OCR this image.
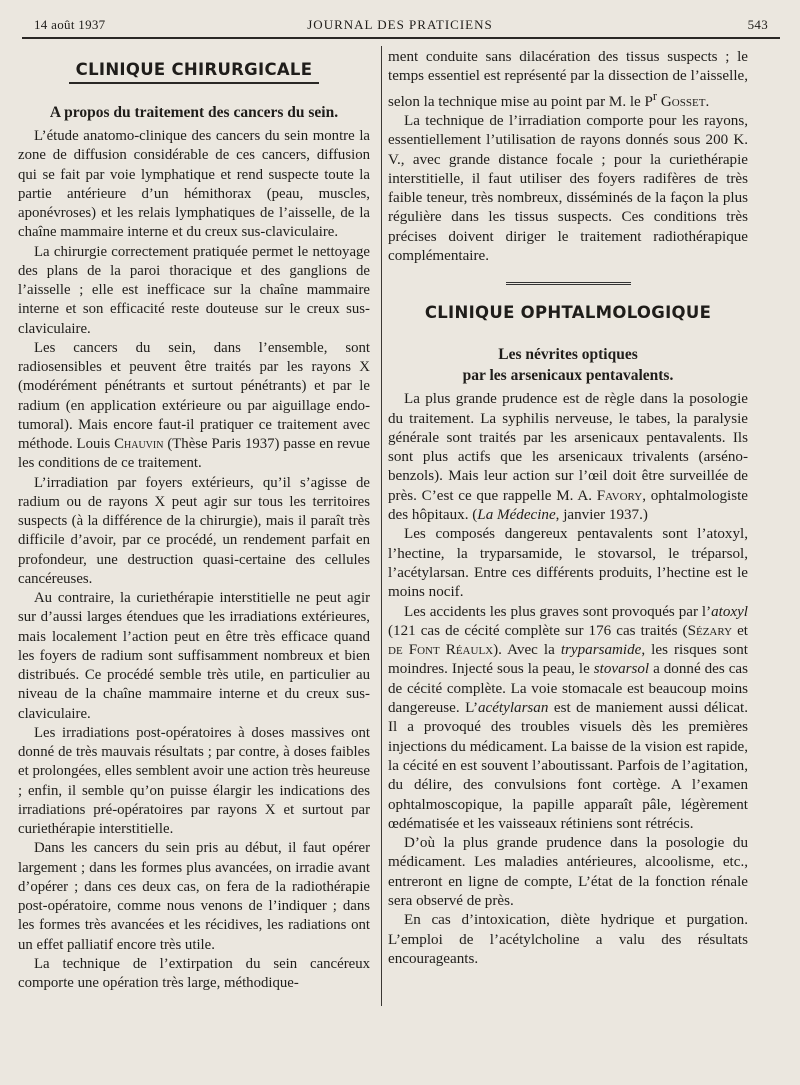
14 août 1937	JOURNAL DES PRATICIENS	543
CLINIQUE CHIRURGICALE
A propos du traitement des cancers du sein.

L’étude anatomo-clinique des cancers du sein montre la zone de diffusion considérable de ces cancers, diffusion qui se fait par voie lymphatique et rend suspecte toute la partie antérieure d’un hémithorax (peau, muscles, aponévroses) et les relais lymphatiques de l’aisselle, de la chaîne mammaire interne et du creux sus-claviculaire.

La chirurgie correctement pratiquée permet le nettoyage des plans de la paroi thoracique et des ganglions de l’aisselle ; elle est inefficace sur la chaîne mammaire interne et son efficacité reste douteuse sur le creux sus-claviculaire.

Les cancers du sein, dans l’ensemble, sont radiosensibles et peuvent être traités par les rayons X (modérément pénétrants et surtout pénétrants) et par le radium (en application extérieure ou par aiguillage endo-tumoral). Mais encore faut-il pratiquer ce traitement avec méthode. Louis Chauvin (Thèse Paris 1937) passe en revue les conditions de ce traitement.

L’irradiation par foyers extérieurs, qu’il s’agisse de radium ou de rayons X peut agir sur tous les territoires suspects (à la différence de la chirurgie), mais il paraît très difficile d’avoir, par ce procédé, un rendement parfait en profondeur, une destruction quasi-certaine des cellules cancéreuses.

Au contraire, la curiethérapie interstitielle ne peut agir sur d’aussi larges étendues que les irradiations extérieures, mais localement l’action peut en être très efficace quand les foyers de radium sont suffisamment nombreux et bien distribués. Ce procédé semble très utile, en particulier au niveau de la chaîne mammaire interne et du creux sus-claviculaire.

Les irradiations post-opératoires à doses massives ont donné de très mauvais résultats ; par contre, à doses faibles et prolongées, elles semblent avoir une action très heureuse ; enfin, il semble qu’on puisse élargir les indications des irradiations pré-opératoires par rayons X et surtout par curiethérapie interstitielle.

Dans les cancers du sein pris au début, il faut opérer largement ; dans les formes plus avancées, on irradie avant d’opérer ; dans ces deux cas, on fera de la radiothérapie post-opératoire, comme nous venons de l’indiquer ; dans les formes très avancées et les récidives, les radiations ont un effet palliatif encore très utile.

La technique de l’extirpation du sein cancéreux comporte une opération très large, méthodique-

ment conduite sans dilacération des tissus suspects ; le temps essentiel est représenté par la dissection de l’aisselle, selon la technique mise au point par M. le $P^r$ Gosset.

La technique de l’irradiation comporte pour les rayons, essentiellement l’utilisation de rayons donnés sous 200 K. V., avec grande distance focale ; pour la curiethérapie interstitielle, il faut utiliser des foyers radifères de très faible teneur, très nombreux, disséminés de la façon la plus régulière dans les tissus suspects. Ces conditions très précises doivent diriger le traitement radiothérapique complémentaire.

CLINIQUE OPHTALMOLOGIQUE
Les névrites optiques
par les arsenicaux pentavalents.

La plus grande prudence est de règle dans la posologie du traitement. La syphilis nerveuse, le tabes, la paralysie générale sont traités par les arsenicaux pentavalents. Ils sont plus actifs que les arsenicaux trivalents (arséno-benzols). Mais leur action sur l’œil doit être surveillée de près. C’est ce que rappelle M. A. Favory, ophtalmologiste des hôpitaux. (La Médecine, janvier 1937.)

Les composés dangereux pentavalents sont l’atoxyl, l’hectine, la tryparsamide, le stovarsol, le tréparsol, l’acétylarsan. Entre ces différents produits, l’hectine est le moins nocif.

Les accidents les plus graves sont provoqués par l’atoxyl (121 cas de cécité complète sur 176 cas traités (Sézary et de Font Réaulx). Avec la tryparsamide, les risques sont moindres. Injecté sous la peau, le stovarsol a donné des cas de cécité complète. La voie stomacale est beaucoup moins dangereuse. L’acétylarsan est de maniement aussi délicat. Il a provoqué des troubles visuels dès les premières injections du médicament. La baisse de la vision est rapide, la cécité en est souvent l’aboutissant. Parfois de l’agitation, du délire, des convulsions font cortège. A l’examen ophtalmoscopique, la papille apparaît pâle, légèrement œdématisée et les vaisseaux rétiniens sont rétrécis.

D’où la plus grande prudence dans la posologie du médicament. Les maladies antérieures, alcoolisme, etc., entreront en ligne de compte, L’état de la fonction rénale sera observé de près.

En cas d’intoxication, diète hydrique et purgation. L’emploi de l’acétylcholine a valu des résultats encourageants.
